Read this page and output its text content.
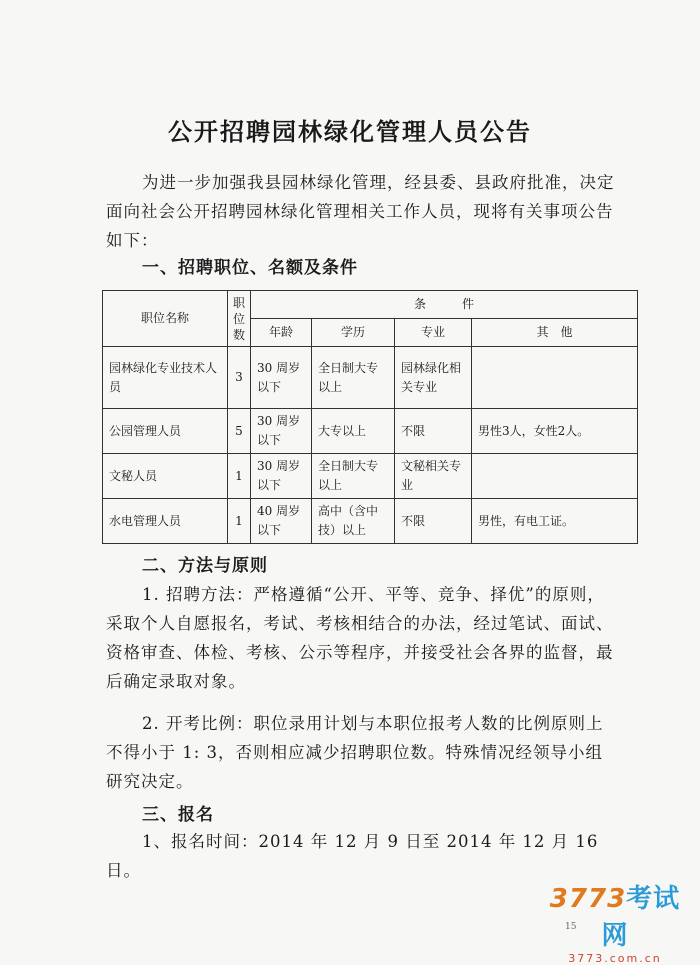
公开招聘园林绿化管理人员公告
为进一步加强我县园林绿化管理，经县委、县政府批准，决定面向社会公开招聘园林绿化管理相关工作人员，现将有关事项公告如下：
一、招聘职位、名额及条件
职位名称	职位数	条　　　件			
		年龄	学历	专业	其　他
园林绿化专业技术人员	3	30 周岁以下	全日制大专以上	园林绿化相关专业	
公园管理人员	5	30 周岁以下	大专以上	不限	男性3人，女性2人。
文秘人员	1	30 周岁以下	全日制大专以上	文秘相关专业	
水电管理人员	1	40 周岁以下	高中（含中技）以上	不限	男性，有电工证。
二、方法与原则
1. 招聘方法：严格遵循“公开、平等、竞争、择优”的原则，采取个人自愿报名，考试、考核相结合的办法，经过笔试、面试、资格审查、体检、考核、公示等程序，并接受社会各界的监督，最后确定录取对象。
2. 开考比例：职位录用计划与本职位报考人数的比例原则上不得小于 1: 3，否则相应减少招聘职位数。特殊情况经领导小组研究决定。
三、报名
1、报名时间：2014 年 12 月 9 日至 2014 年 12 月 16 日。
3773考试网
3773.com.cn
15
